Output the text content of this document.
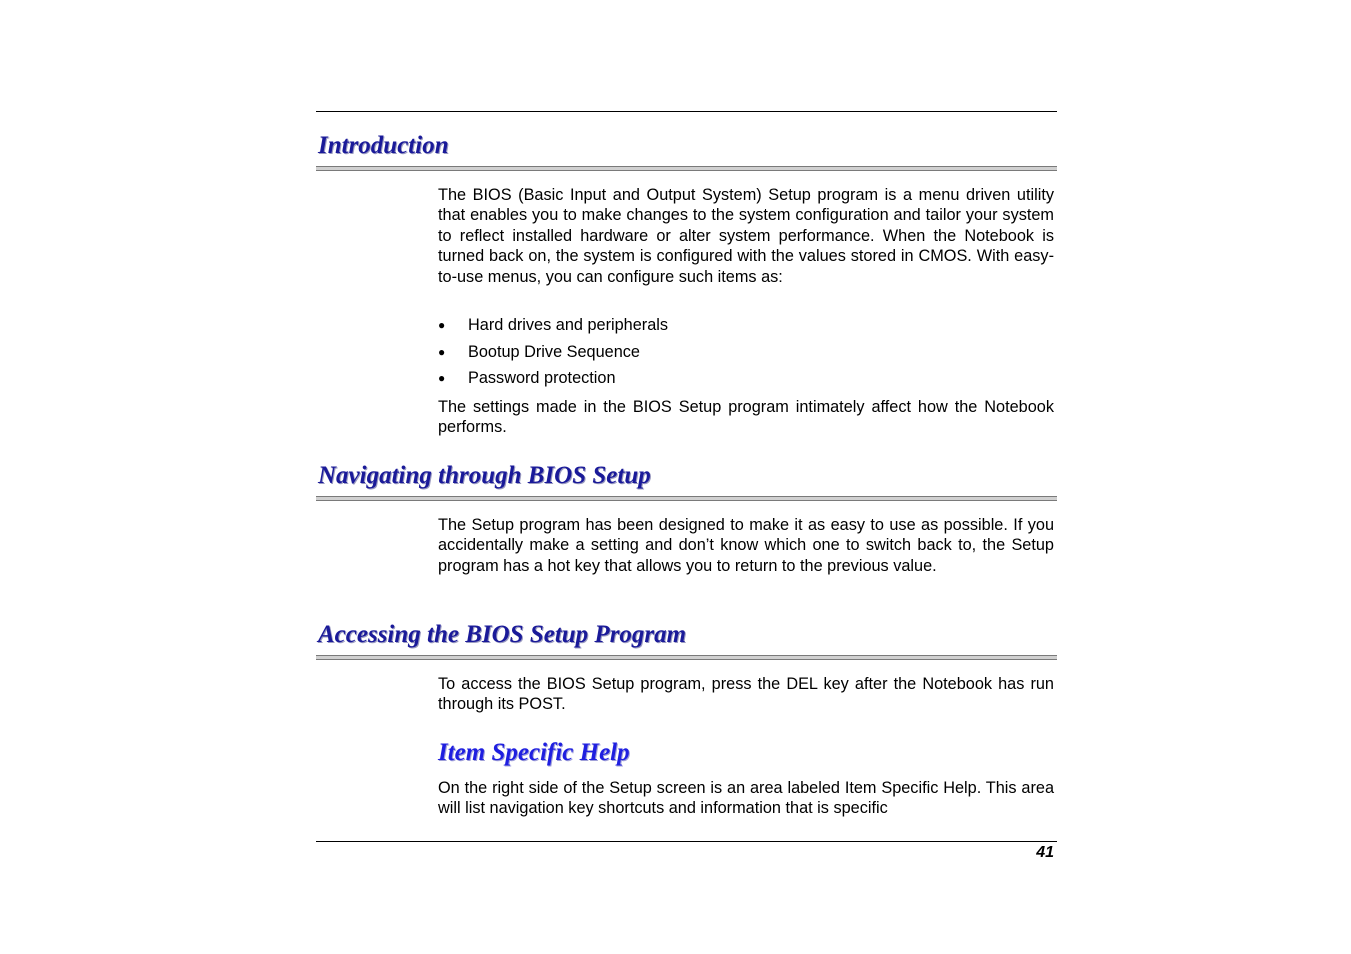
Introduction

The BIOS (Basic Input and Output System) Setup program is a menu driven utility that enables you to make changes to the system configuration and tailor your system to reflect installed hardware or alter system performance. When the Notebook is turned back on, the system is configured with the values stored in CMOS. With easy-to-use menus, you can configure such items as:

● Hard drives and peripherals
● Bootup Drive Sequence
● Password protection

The settings made in the BIOS Setup program intimately affect how the Notebook performs.

Navigating through BIOS Setup

The Setup program has been designed to make it as easy to use as possible. If you accidentally make a setting and don’t know which one to switch back to, the Setup program has a hot key that allows you to return to the previous value.

Accessing the BIOS Setup Program

To access the BIOS Setup program, press the DEL key after the Notebook has run through its POST.

Item Specific Help

On the right side of the Setup screen is an area labeled Item Specific Help. This area will list navigation key shortcuts and information that is specific

41
